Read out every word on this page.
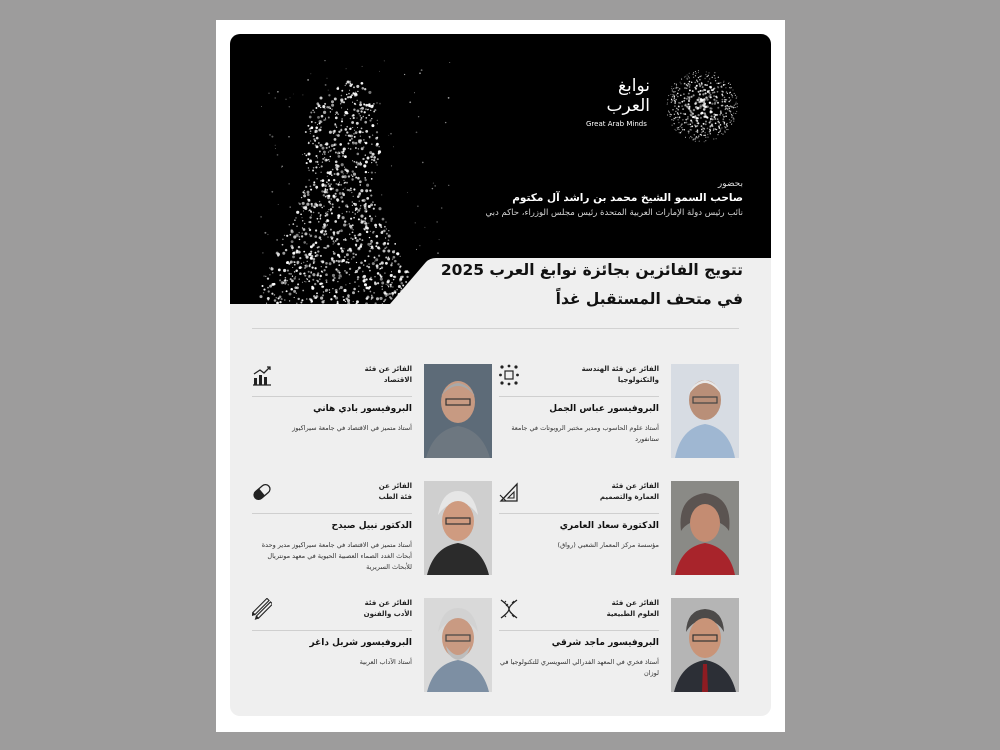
نوابغ
العرب
Great Arab Minds
بحضور
صاحب السمو الشيخ محمد بن راشد آل مكتوم
نائب رئيس دولة الإمارات العربية المتحدة رئيس مجلس الوزراء، حاكم دبي
تتويج الفائزين بجائزة نوابغ العرب 2025
في متحف المستقبل غداً
الفائز عن فئة الهندسة
والتكنولوجيا
البروفيسور عباس الجمل
أستاذ علوم الحاسوب ومدير مختبر الروبوتات في جامعة ستانفورد
الفائز عن فئة
الاقتصاد
البروفيسور بادي هاني
أستاذ متميز في الاقتصاد في جامعة سيراكيوز
الفائز عن فئة
العمارة والتصميم
الدكتورة سعاد العامري
مؤسسة مركز المعمار الشعبي (رواق)
الفائز عن
فئة الطب
الدكتور نبيل صيدح
أستاذ متميز في الاقتصاد في جامعة سيراكيوز مدير وحدة أبحاث الغدد الصماء العصبية الحيوية في معهد مونتريال للأبحاث السريرية
الفائز عن فئة
العلوم الطبيعية
البروفيسور ماجد شرقي
أستاذ فخري في المعهد الفدرالي السويسري للتكنولوجيا في لوزان
الفائز عن فئة
الأدب والفنون
البروفيسور شربل داغر
أستاذ الآداب العربية
